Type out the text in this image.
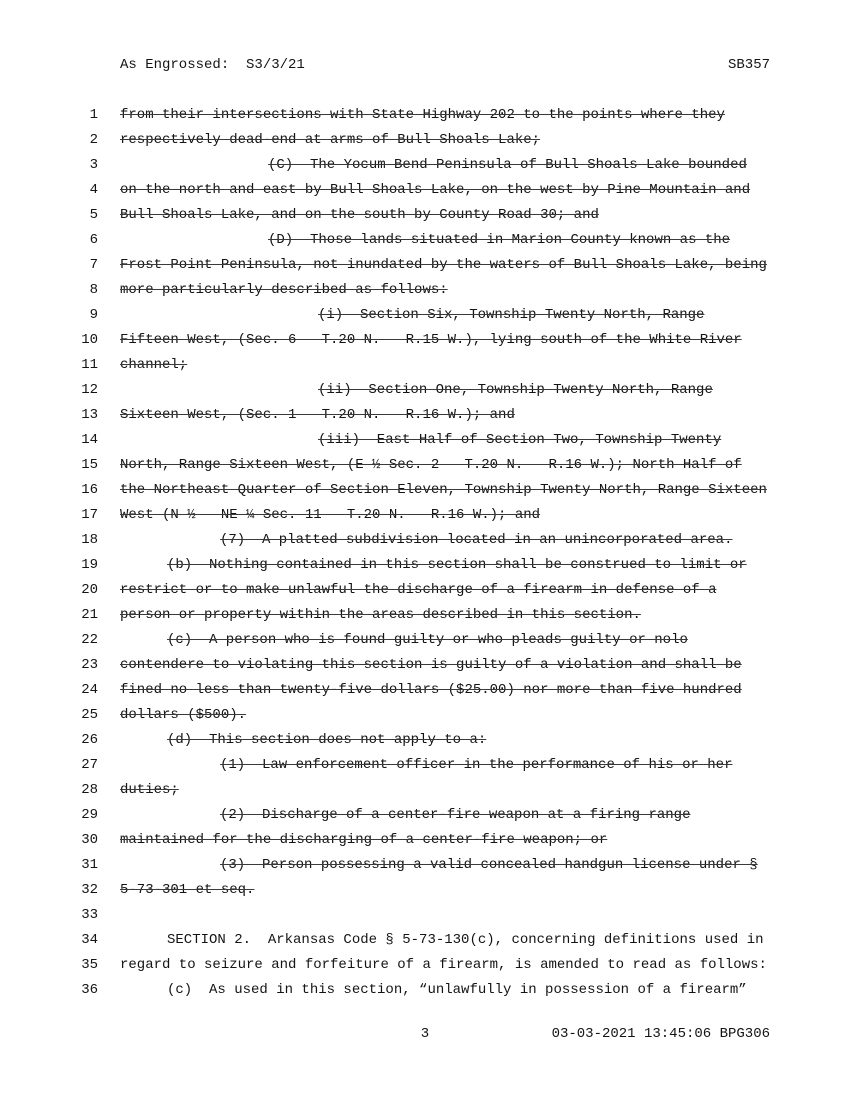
As Engrossed:  S3/3/21	SB357
1 from their intersections with State Highway 202 to the points where they
2 respectively dead-end at arms of Bull Shoals Lake;
3	(C)  The Yocum Bend Peninsula of Bull Shoals Lake bounded
4 on the north and east by Bull Shoals Lake, on the west by Pine Mountain and
5 Bull Shoals Lake, and on the south by County Road 30; and
6	(D)  Those lands situated in Marion County known as the
7 Frost Point Peninsula, not inundated by the waters of Bull Shoals Lake, being
8 more particularly described as follows:
9	(i)  Section Six, Township Twenty North, Range
10 Fifteen West, (Sec. 6 – T.20 N. – R.15 W.), lying south of the White River
11 channel;
12	(ii)  Section One, Township Twenty North, Range
13 Sixteen West, (Sec. 1 – T.20 N. – R.16 W.); and
14	(iii)  East Half of Section Two, Township Twenty
15 North, Range Sixteen West, (E ½ Sec. 2 – T.20 N. – R.16 W.); North Half of
16 the Northeast Quarter of Section Eleven, Township Twenty North, Range Sixteen
17 West (N ½ – NE ¼ Sec. 11 – T.20 N. – R.16 W.); and
18	(7)  A platted subdivision located in an unincorporated area.
19	(b)  Nothing contained in this section shall be construed to limit or
20 restrict or to make unlawful the discharge of a firearm in defense of a
21 person or property within the areas described in this section.
22	(c)  A person who is found guilty or who pleads guilty or nolo
23 contendere to violating this section is guilty of a violation and shall be
24 fined no less than twenty-five dollars ($25.00) nor more than five hundred
25 dollars ($500).
26	(d)  This section does not apply to a:
27	(1)  Law enforcement officer in the performance of his or her
28 duties;
29	(2)  Discharge of a center-fire weapon at a firing range
30 maintained for the discharging of a center-fire weapon; or
31	(3)  Person possessing a valid concealed handgun license under §
32 5-73-301 et seq.
33
34	SECTION 2.  Arkansas Code § 5-73-130(c), concerning definitions used in
35 regard to seizure and forfeiture of a firearm, is amended to read as follows:
36	(c)  As used in this section, “unlawfully in possession of a firearm”
3	03-03-2021 13:45:06 BPG306
